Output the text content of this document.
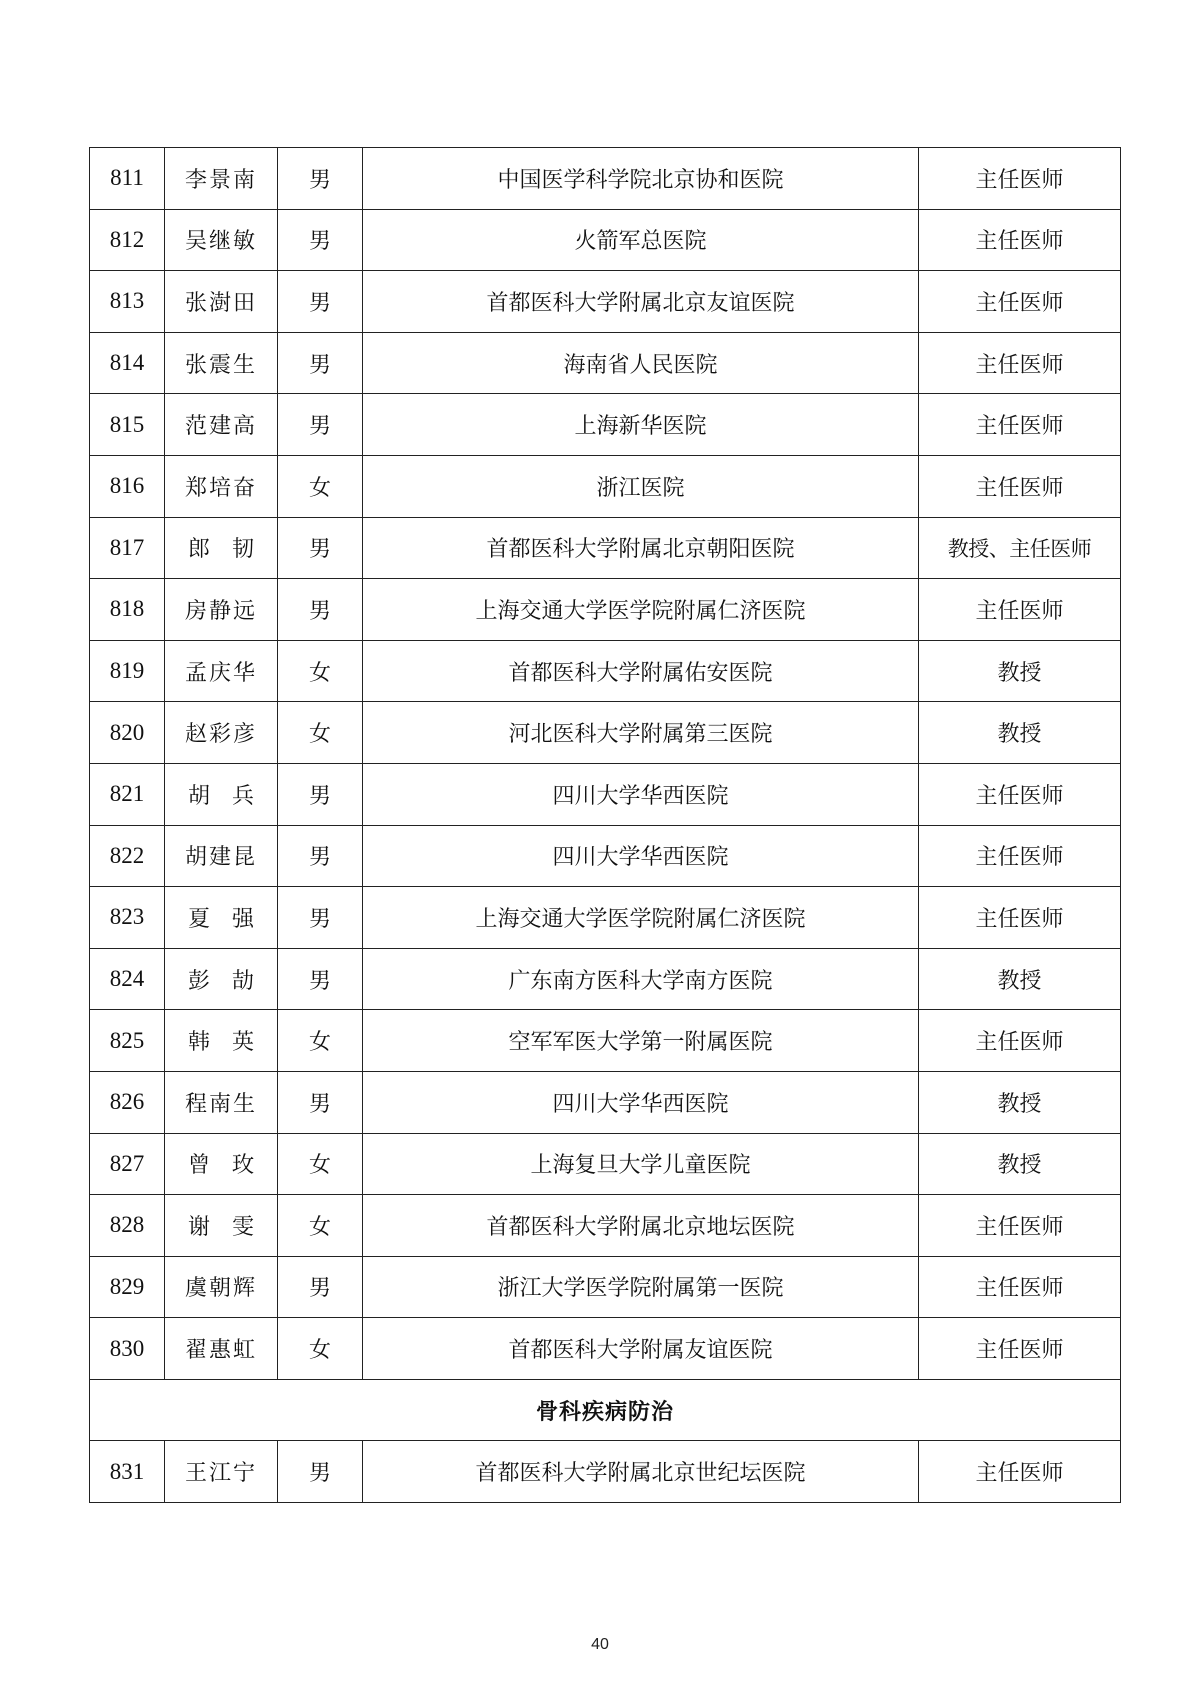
811	李景南	男	中国医学科学院北京协和医院	主任医师
812	吴继敏	男	火箭军总医院	主任医师
813	张澍田	男	首都医科大学附属北京友谊医院	主任医师
814	张震生	男	海南省人民医院	主任医师
815	范建高	男	上海新华医院	主任医师
816	郑培奋	女	浙江医院	主任医师
817	郎　韧	男	首都医科大学附属北京朝阳医院	教授、主任医师
818	房静远	男	上海交通大学医学院附属仁济医院	主任医师
819	孟庆华	女	首都医科大学附属佑安医院	教授
820	赵彩彦	女	河北医科大学附属第三医院	教授
821	胡　兵	男	四川大学华西医院	主任医师
822	胡建昆	男	四川大学华西医院	主任医师
823	夏　强	男	上海交通大学医学院附属仁济医院	主任医师
824	彭　劼	男	广东南方医科大学南方医院	教授
825	韩　英	女	空军军医大学第一附属医院	主任医师
826	程南生	男	四川大学华西医院	教授
827	曾　玫	女	上海复旦大学儿童医院	教授
828	谢　雯	女	首都医科大学附属北京地坛医院	主任医师
829	虞朝辉	男	浙江大学医学院附属第一医院	主任医师
830	翟惠虹	女	首都医科大学附属友谊医院	主任医师
骨科疾病防治				
831	王江宁	男	首都医科大学附属北京世纪坛医院	主任医师
40
